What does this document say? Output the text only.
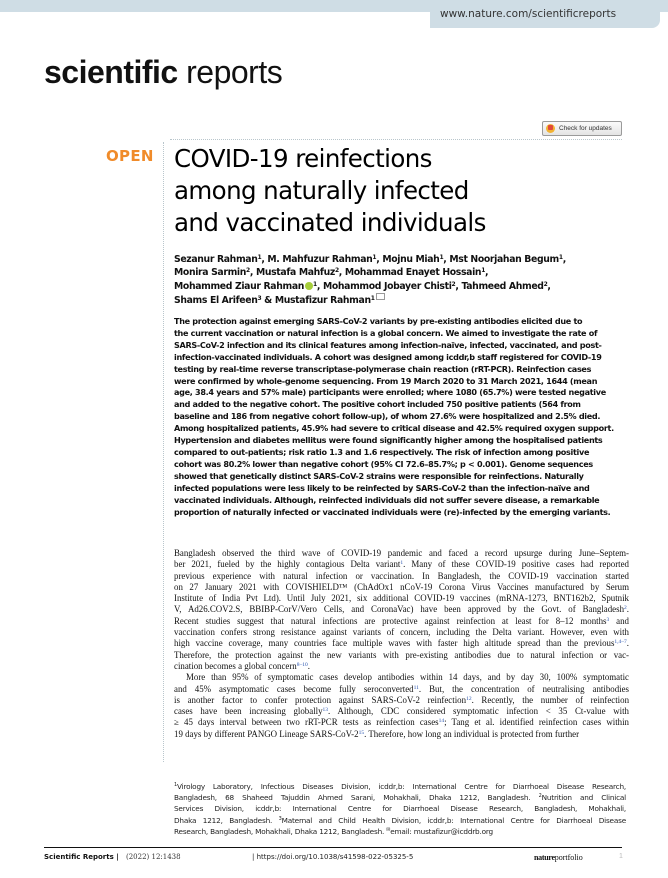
www.nature.com/scientificreports
scientific reports
Check for updates
OPEN COVID-19 reinfections
among naturally infected
and vaccinated individuals
Sezanur Rahman$^1$, M. Mahfuzur Rahman$^1$, Mojnu Miah$^1$, Mst Noorjahan Begum$^1$,
Monira Sarmin$^2$, Mustafa Mahfuz$^2$, Mohammad Enayet Hossain$^1$,
Mohammed Ziaur Rahman $^1$, Mohammod Jobayer Chisti$^2$, Tahmeed Ahmed$^2$,
Shams El Arifeen$^3$ & Mustafizur Rahman$^1$
The protection against emerging SARS-CoV-2 variants by pre-existing antibodies elicited due to
the current vaccination or natural infection is a global concern. We aimed to investigate the rate of
SARS-CoV-2 infection and its clinical features among infection-naïve, infected, vaccinated, and post-
infection-vaccinated individuals. A cohort was designed among icddr,b staff registered for COVID-19
testing by real-time reverse transcriptase-polymerase chain reaction (rRT-PCR). Reinfection cases
were confirmed by whole-genome sequencing. From 19 March 2020 to 31 March 2021, 1644 (mean
age, 38.4 years and 57% male) participants were enrolled; where 1080 (65.7%) were tested negative
and added to the negative cohort. The positive cohort included 750 positive patients (564 from
baseline and 186 from negative cohort follow-up), of whom 27.6% were hospitalized and 2.5% died.
Among hospitalized patients, 45.9% had severe to critical disease and 42.5% required oxygen support.
Hypertension and diabetes mellitus were found significantly higher among the hospitalised patients
compared to out-patients; risk ratio 1.3 and 1.6 respectively. The risk of infection among positive
cohort was 80.2% lower than negative cohort (95% CI 72.6–85.7%; p < 0.001). Genome sequences
showed that genetically distinct SARS-CoV-2 strains were responsible for reinfections. Naturally
infected populations were less likely to be reinfected by SARS-CoV-2 than the infection-naïve and
vaccinated individuals. Although, reinfected individuals did not suffer severe disease, a remarkable
proportion of naturally infected or vaccinated individuals were (re)-infected by the emerging variants.
Bangladesh observed the third wave of COVID-19 pandemic and faced a record upsurge during June–Septem-
ber 2021, fueled by the highly contagious Delta variant$^1$. Many of these COVID-19 positive cases had reported
previous experience with natural infection or vaccination. In Bangladesh, the COVID-19 vaccination started
on 27 January 2021 with COVISHIELD™ (ChAdOx1 nCoV-19 Corona Virus Vaccines manufactured by Serum
Institute of India Pvt Ltd). Until July 2021, six additional COVID-19 vaccines (mRNA-1273, BNT162b2, Sputnik
V, Ad26.COV2.S, BBIBP-CorV/Vero Cells, and CoronaVac) have been approved by the Govt. of Bangladesh$^2$.
Recent studies suggest that natural infections are protective against reinfection at least for 8–12 months$^3$ and
vaccination confers strong resistance against variants of concern, including the Delta variant. However, even with
high vaccine coverage, many countries face multiple waves with faster high altitude spread than the previous$^{1,4-7}$.
Therefore, the protection against the new variants with pre-existing antibodies due to natural infection or vac-
cination becomes a global concern$^{8-10}$.
More than 95% of symptomatic cases develop antibodies within 14 days, and by day 30, 100% symptomatic
and 45% asymptomatic cases become fully seroconverted$^{11}$. But, the concentration of neutralising antibodies
is another factor to confer protection against SARS-CoV-2 reinfection$^{12}$. Recently, the number of reinfection
cases have been increasing globally$^{13}$. Although, CDC considered symptomatic infection < 35 Ct-value with
≥ 45 days interval between two rRT-PCR tests as reinfection cases$^{14}$; Tang et al. identified reinfection cases within
19 days by different PANGO Lineage SARS-$CoV-2^{15}$. Therefore, how long an individual is protected from further
$^1$Virology Laboratory, Infectious Diseases Division, icddr,b: International Centre for Diarrhoeal Disease Research,
Bangladesh, 68 Shaheed Tajuddin Ahmed Sarani, Mohakhali, Dhaka 1212, Bangladesh. $^2$Nutrition and Clinical
Services Division, icddr,b: International Centre for Diarrhoeal Disease Research, Bangladesh, Mohakhali,
Dhaka 1212, Bangladesh. $^3$Maternal and Child Health Division, icddr,b: International Centre for Diarrhoeal Disease
Research, Bangladesh, Mohakhali, Dhaka 1212, Bangladesh. ✉email: mustafizur@icddrb.org
Scientific Reports | (2022) 12:1438	| https://doi.org/10.1038/s41598-022-05325-5	natureportfolio	1
